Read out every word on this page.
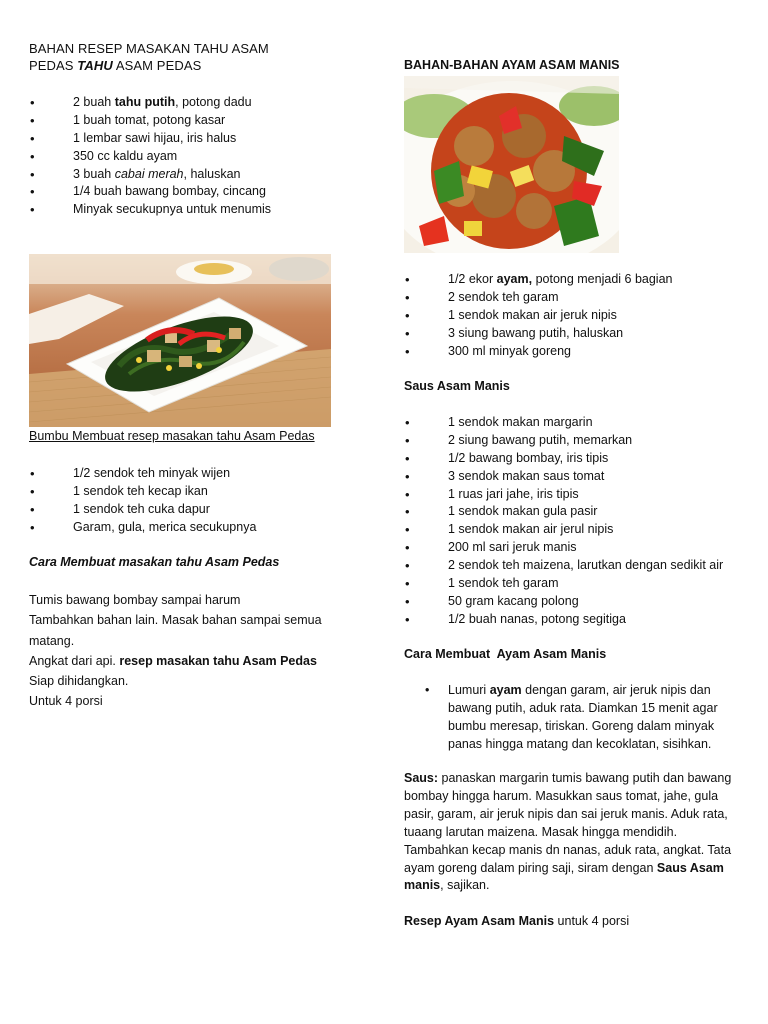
BAHAN RESEP MASAKAN TAHU ASAM
PEDAS TAHU ASAM PEDAS
• 2 buah tahu putih, potong dadu
• 1 buah tomat, potong kasar
• 1 lembar sawi hijau, iris halus
• 350 cc kaldu ayam
• 3 buah cabai merah, haluskan
• 1/4 buah bawang bombay, cincang
• Minyak secukupnya untuk menumis
Bumbu Membuat resep masakan tahu Asam Pedas
• 1/2 sendok teh minyak wijen
• 1 sendok teh kecap ikan
• 1 sendok teh cuka dapur
• Garam, gula, merica secukupnya
Cara Membuat masakan tahu Asam Pedas

Tumis bawang bombay sampai harum

Tambahkan bahan lain. Masak bahan sampai semua matang.

Angkat dari api. resep masakan tahu Asam Pedas Siap dihidangkan.

Untuk 4 porsi

BAHAN-BAHAN AYAM ASAM MANIS
• 1/2 ekor ayam, potong menjadi 6 bagian
• 2 sendok teh garam
• 1 sendok makan air jeruk nipis
• 3 siung bawang putih, haluskan
• 300 ml minyak goreng
Saus Asam Manis
• 1 sendok makan margarin
• 2 siung bawang putih, memarkan
• 1/2 bawang bombay, iris tipis
• 3 sendok makan saus tomat
• 1 ruas jari jahe, iris tipis
• 1 sendok makan gula pasir
• 1 sendok makan air jerul nipis
• 200 ml sari jeruk manis
• 2 sendok teh maizena, larutkan dengan sedikit air
• 1 sendok teh garam
• 50 gram kacang polong
• 1/2 buah nanas, potong segitiga
Cara Membuat  Ayam Asam Manis
• Lumuri ayam dengan garam, air jeruk nipis dan bawang putih, aduk rata. Diamkan 15 menit agar bumbu meresap, tiriskan. Goreng dalam minyak panas hingga matang dan kecoklatan, sisihkan.
Saus: panaskan margarin tumis bawang putih dan bawang bombay hingga harum. Masukkan saus tomat, jahe, gula pasir, garam, air jeruk nipis dan sai jeruk manis. Aduk rata, tuaang larutan maizena. Masak hingga mendidih. Tambahkan kecap manis dn nanas, aduk rata, angkat. Tata ayam goreng dalam piring saji, siram dengan Saus Asam manis, sajikan.
Resep Ayam Asam Manis untuk 4 porsi
